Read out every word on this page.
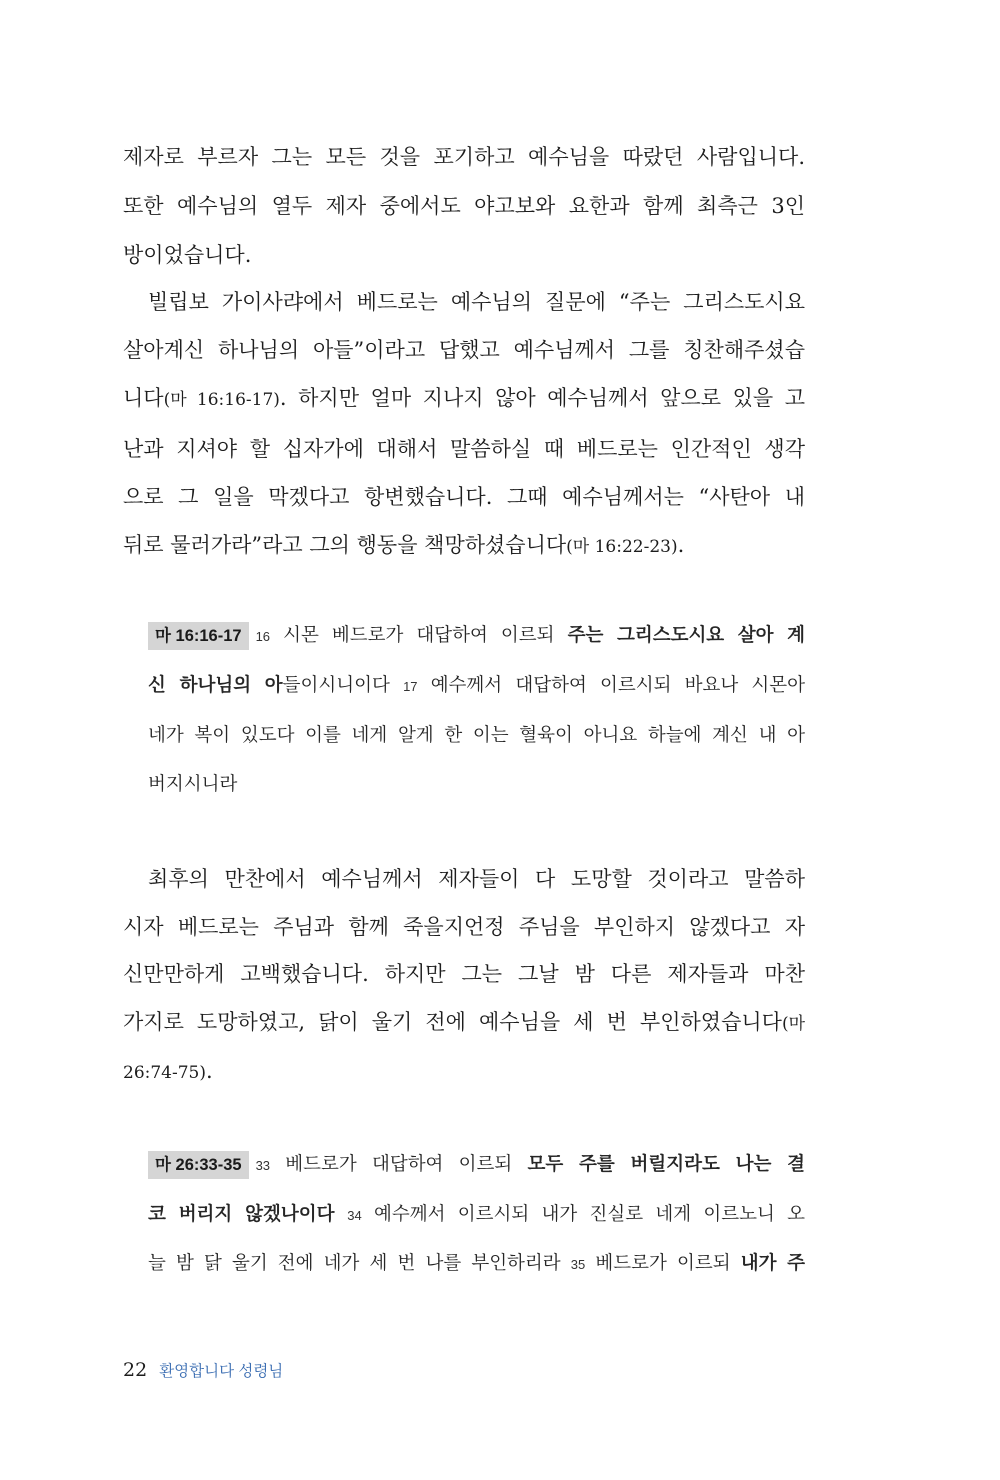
제자로 부르자 그는 모든 것을 포기하고 예수님을 따랐던 사람입니다.
또한 예수님의 열두 제자 중에서도 야고보와 요한과 함께 최측근 3인
방이었습니다.
빌립보 가이사랴에서 베드로는 예수님의 질문에 “주는 그리스도시요
살아계신 하나님의 아들”이라고 답했고 예수님께서 그를 칭찬해주셨습
니다(마 16:16-17). 하지만 얼마 지나지 않아 예수님께서 앞으로 있을 고
난과 지셔야 할 십자가에 대해서 말씀하실 때 베드로는 인간적인 생각
으로 그 일을 막겠다고 항변했습니다. 그때 예수님께서는 “사탄아 내
뒤로 물러가라”라고 그의 행동을 책망하셨습니다(마 16:22-23).
마 16:16-17 16 시몬 베드로가 대답하여 이르되 주는 그리스도시요 살아 계
신 하나님의 아들이시니이다 17 예수께서 대답하여 이르시되 바요나 시몬아
네가 복이 있도다 이를 네게 알게 한 이는 혈육이 아니요 하늘에 계신 내 아
버지시니라
최후의 만찬에서 예수님께서 제자들이 다 도망할 것이라고 말씀하
시자 베드로는 주님과 함께 죽을지언정 주님을 부인하지 않겠다고 자
신만만하게 고백했습니다. 하지만 그는 그날 밤 다른 제자들과 마찬
가지로 도망하였고, 닭이 울기 전에 예수님을 세 번 부인하였습니다(마
26:74-75).
마 26:33-35 33 베드로가 대답하여 이르되 모두 주를 버릴지라도 나는 결
코 버리지 않겠나이다 34 예수께서 이르시되 내가 진실로 네게 이르노니 오
늘 밤 닭 울기 전에 네가 세 번 나를 부인하리라 35 베드로가 이르되 내가 주
22 환영합니다 성령님
